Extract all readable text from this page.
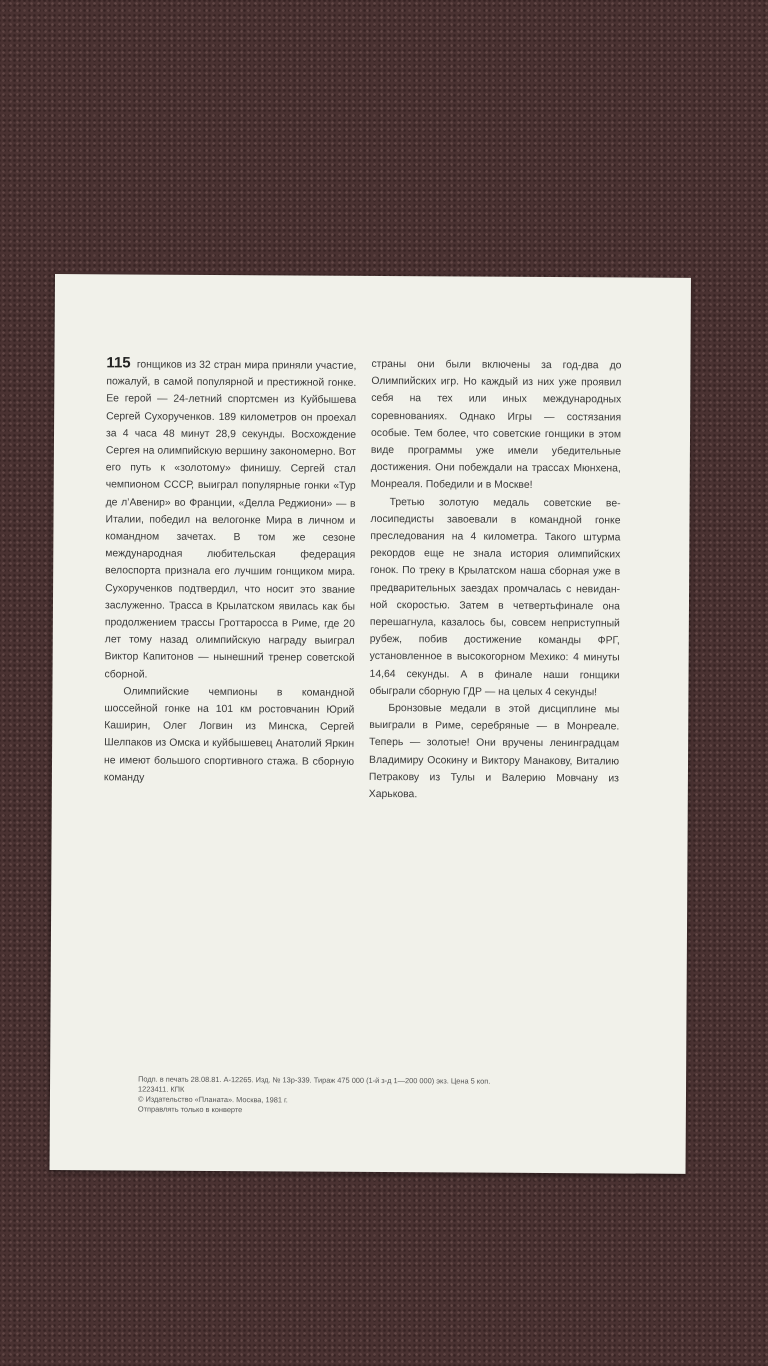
115 гонщиков из 32 стран мира приняли участие, пожалуй, в самой популярной и престижной гонке. Ее герой — 24-летний спортсмен из Куйбышева Сергей Сухорученков. 189 километров он проехал за 4 часа 48 минут 28,9 секунды. Восхождение Сергея на олимпийскую вершину закономерно. Вот его путь к «золотому» финишу. Сергей стал чемпионом СССР, выиграл популярные гонки «Тур де л’Авенир» во Франции, «Делла Реджиони» — в Италии, победил на велогонке Мира в личном и командном зачетах. В том же сезоне международная любительская федерация велоспорта признала его лучшим гонщиком мира. Сухорученков подтвердил, что носит это звание заслуженно. Трасса в Крылатском явилась как бы продолжением трассы Гроттаросса в Риме, где 20 лет тому назад олимпийскую награду выиграл Виктор Капитонов — нынешний тренер советской сборной.

Олимпийские чемпионы в командной шоссейной гонке на 101 км ростовчанин Юрий Каширин, Олег Логвин из Минска, Сергей Шелпаков из Омска и куйбышевец Анатолий Яркин не имеют большого спортивного стажа. В сборную команду

страны они были включены за год-два до Олимпийских игр. Но каждый из них уже проявил себя на тех или иных международных соревнованиях. Однако Игры — состязания особые. Тем более, что советские гонщики в этом виде программы уже имели убедительные достижения. Они побеждали на трассах Мюнхена, Монреаля. Победили и в Москве!

Третью золотую медаль советские велосипедисты завоевали в командной гонке преследования на 4 километра. Такого штурма рекордов еще не знала история олимпийских гонок. По треку в Крылатском наша сборная уже в предварительных заездах промчалась с невиданной скоростью. Затем в четвертьфинале она перешагнула, казалось бы, совсем неприступный рубеж, побив достижение команды ФРГ, установленное в высокогорном Мехико: 4 минуты 14,64 секунды. А в финале наши гонщики обыграли сборную ГДР — на целых 4 секунды!

Бронзовые медали в этой дисциплине мы выиграли в Риме, серебряные — в Монреале. Теперь — золотые! Они вручены ленинградцам Владимиру Осокину и Виктору Манакову, Виталию Петракову из Тулы и Валерию Мовчану из Харькова.

Подп. в печать 28.08.81. А-12265. Изд. № 13р-339. Тираж 475 000 (1-й з-д 1—200 000) экз. Цена 5 коп.
1223411. КПК
© Издательство «Планата». Москва, 1981 г.
Отправлять только в конверте
